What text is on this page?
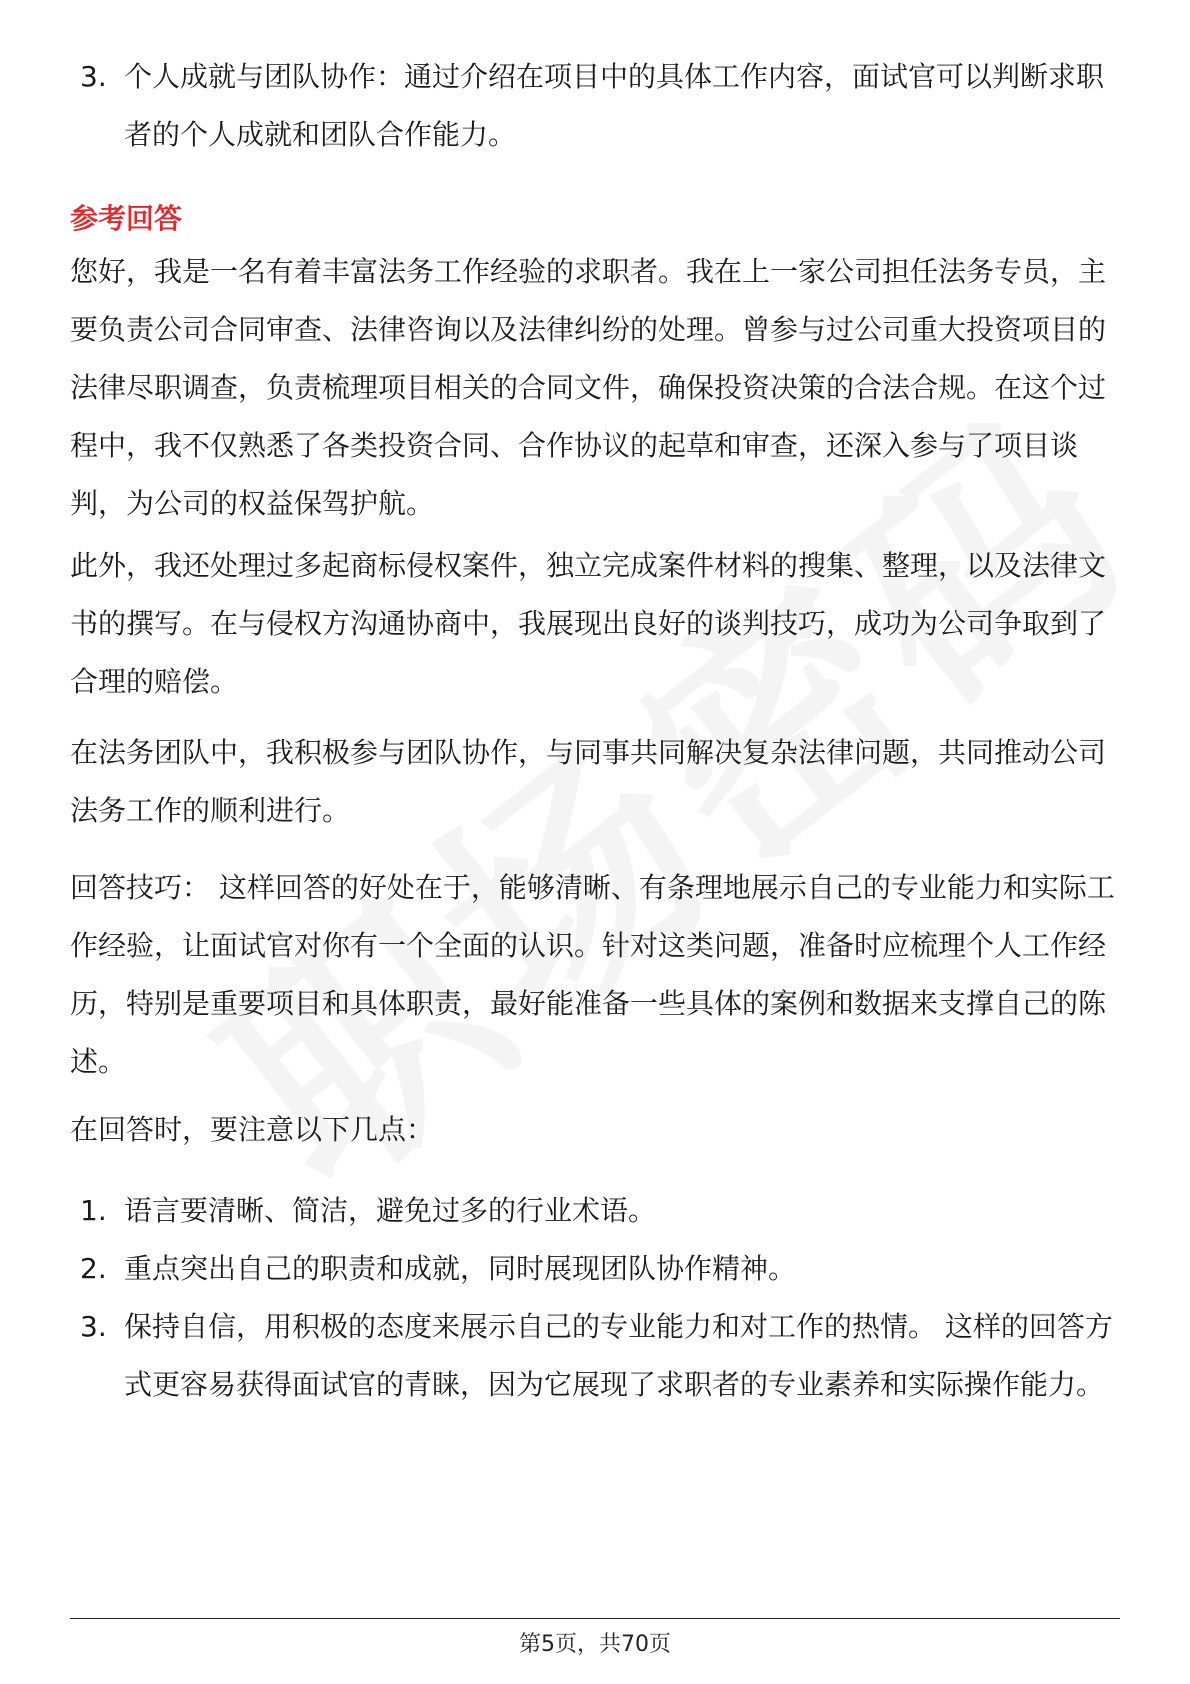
3. 个人成就与团队协作：通过介绍在项目中的具体工作内容，面试官可以判断求职者的个人成就和团队合作能力。
参考回答

您好，我是一名有着丰富法务工作经验的求职者。我在上一家公司担任法务专员，主要负责公司合同审查、法律咨询以及法律纠纷的处理。曾参与过公司重大投资项目的法律尽职调查，负责梳理项目相关的合同文件，确保投资决策的合法合规。在这个过程中，我不仅熟悉了各类投资合同、合作协议的起草和审查，还深入参与了项目谈判，为公司的权益保驾护航。

此外，我还处理过多起商标侵权案件，独立完成案件材料的搜集、整理，以及法律文书的撰写。在与侵权方沟通协商中，我展现出良好的谈判技巧，成功为公司争取到了合理的赔偿。

在法务团队中，我积极参与团队协作，与同事共同解决复杂法律问题，共同推动公司法务工作的顺利进行。

回答技巧： 这样回答的好处在于，能够清晰、有条理地展示自己的专业能力和实际工作经验，让面试官对你有一个全面的认识。针对这类问题，准备时应梳理个人工作经历，特别是重要项目和具体职责，最好能准备一些具体的案例和数据来支撑自己的陈述。

在回答时，要注意以下几点：

1. 语言要清晰、简洁，避免过多的行业术语。
2. 重点突出自己的职责和成就，同时展现团队协作精神。
3. 保持自信，用积极的态度来展示自己的专业能力和对工作的热情。 这样的回答方式更容易获得面试官的青睐，因为它展现了求职者的专业素养和实际操作能力。
第5页，共70页
